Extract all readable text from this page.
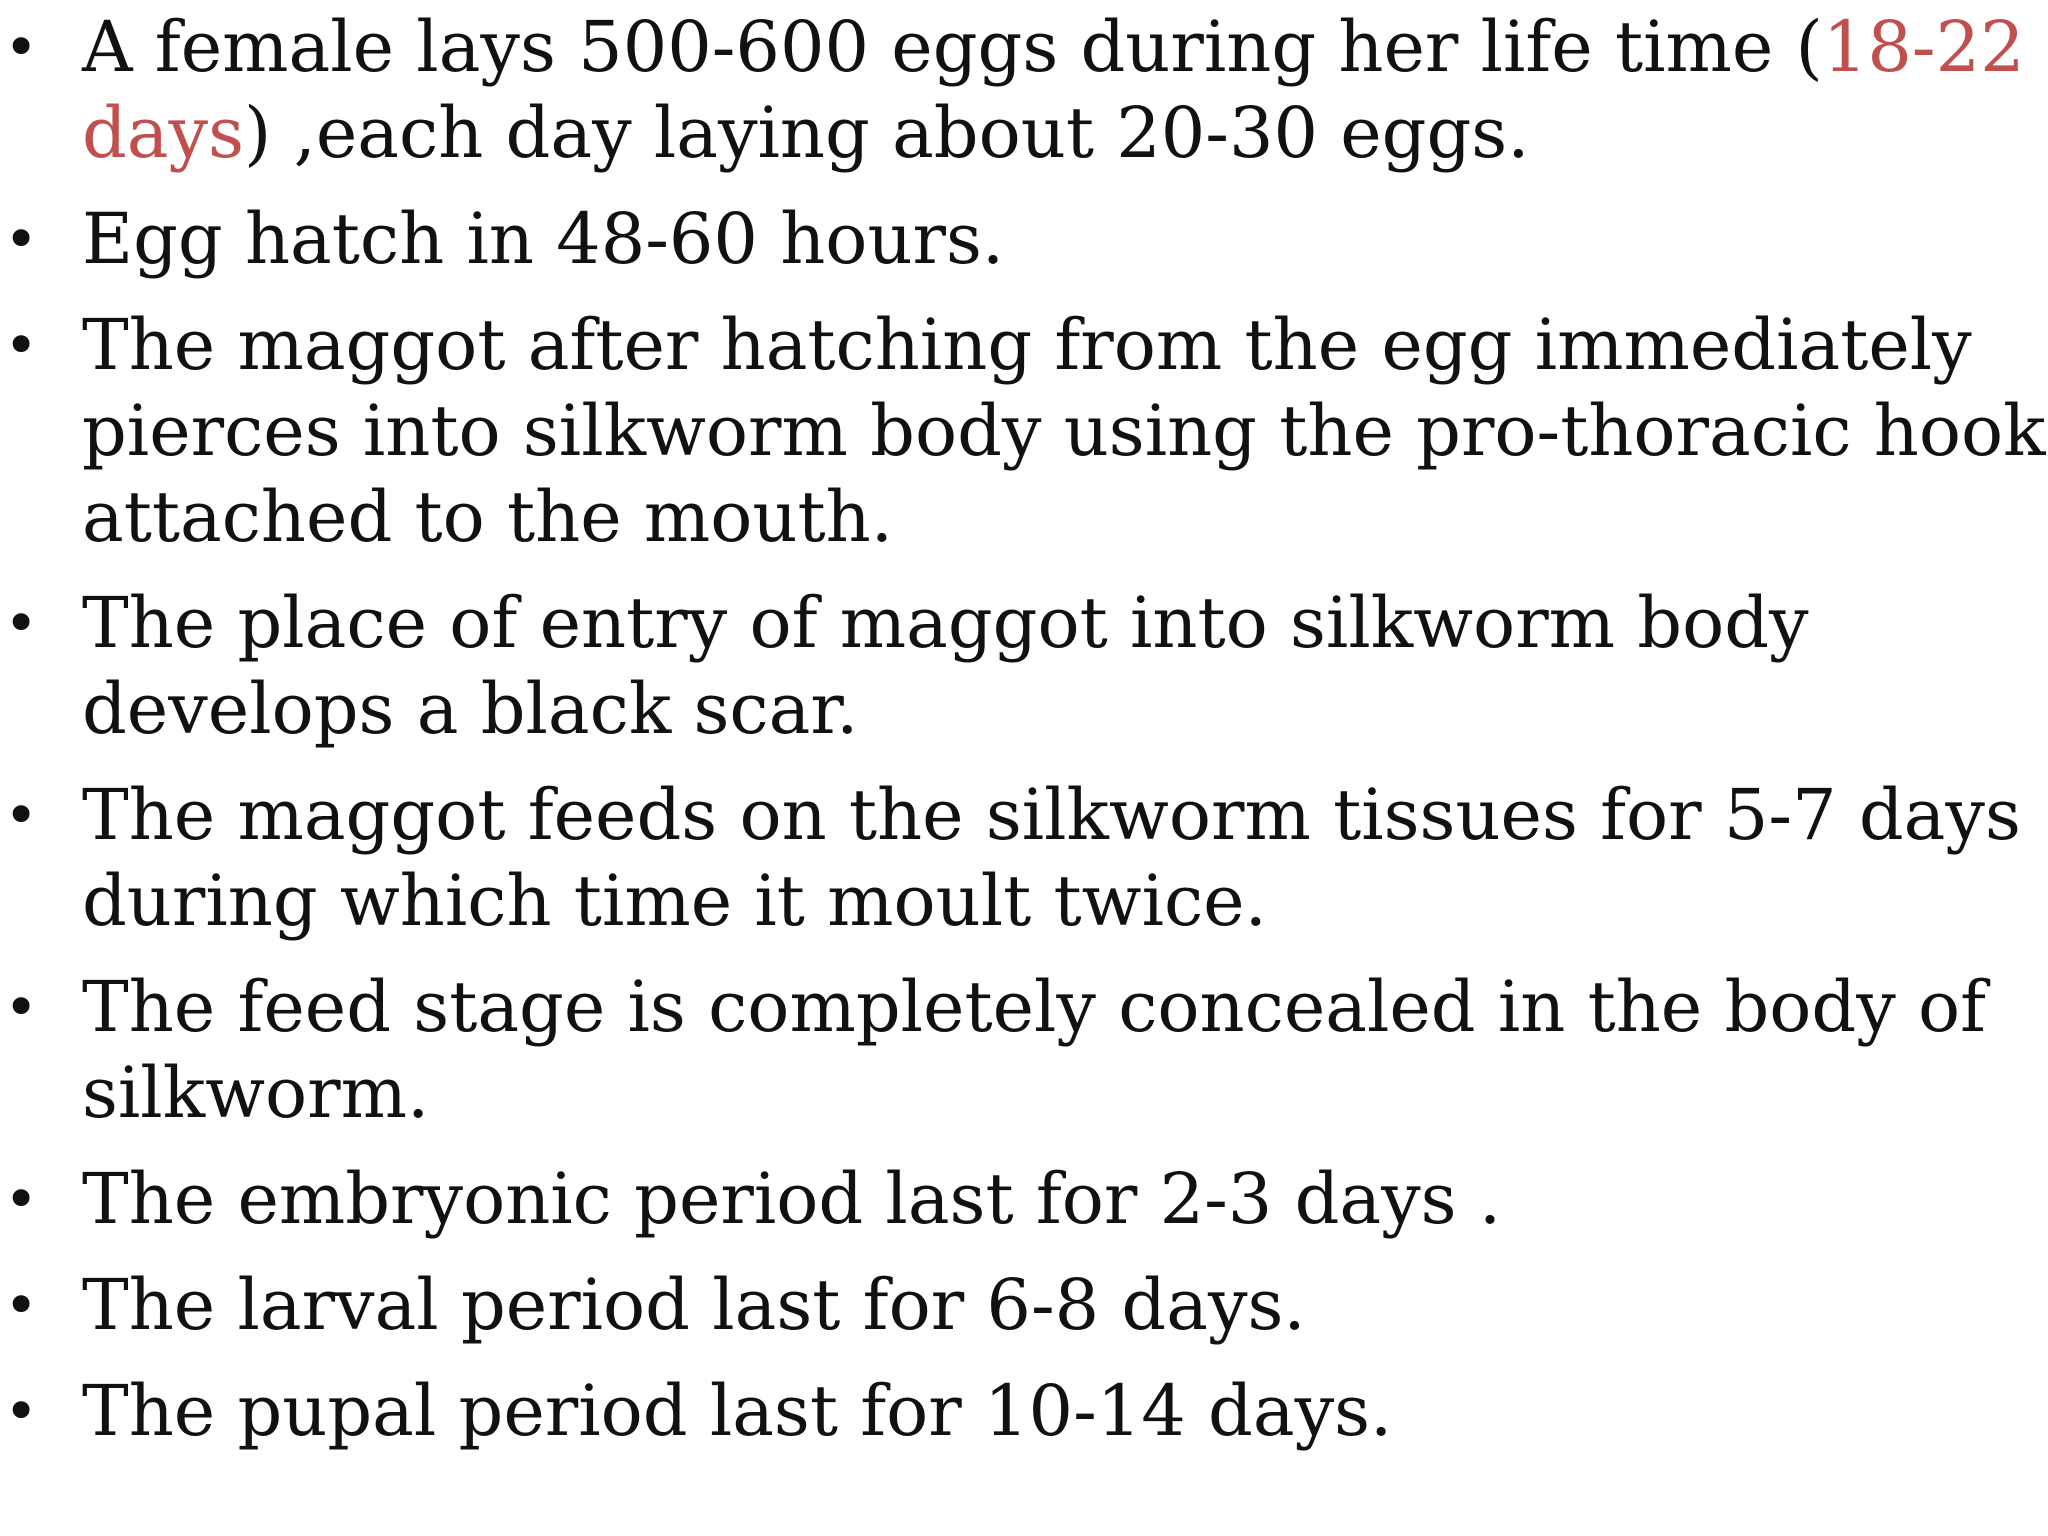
• A female lays 500-600 eggs during her life time (18-22 days) ,each day laying about 20-30 eggs.
• Egg hatch in 48-60 hours.
• The maggot after hatching from the egg immediately pierces into silkworm body using the pro-thoracic hook attached to the mouth.
• The place of entry of maggot into silkworm body develops a black scar.
• The maggot feeds on the silkworm tissues for 5-7 days during which time it moult twice.
• The feed stage is completely concealed in the body of silkworm.
• The embryonic period last for 2-3 days .
• The larval period last for 6-8 days.
• The pupal period last for 10-14 days.
